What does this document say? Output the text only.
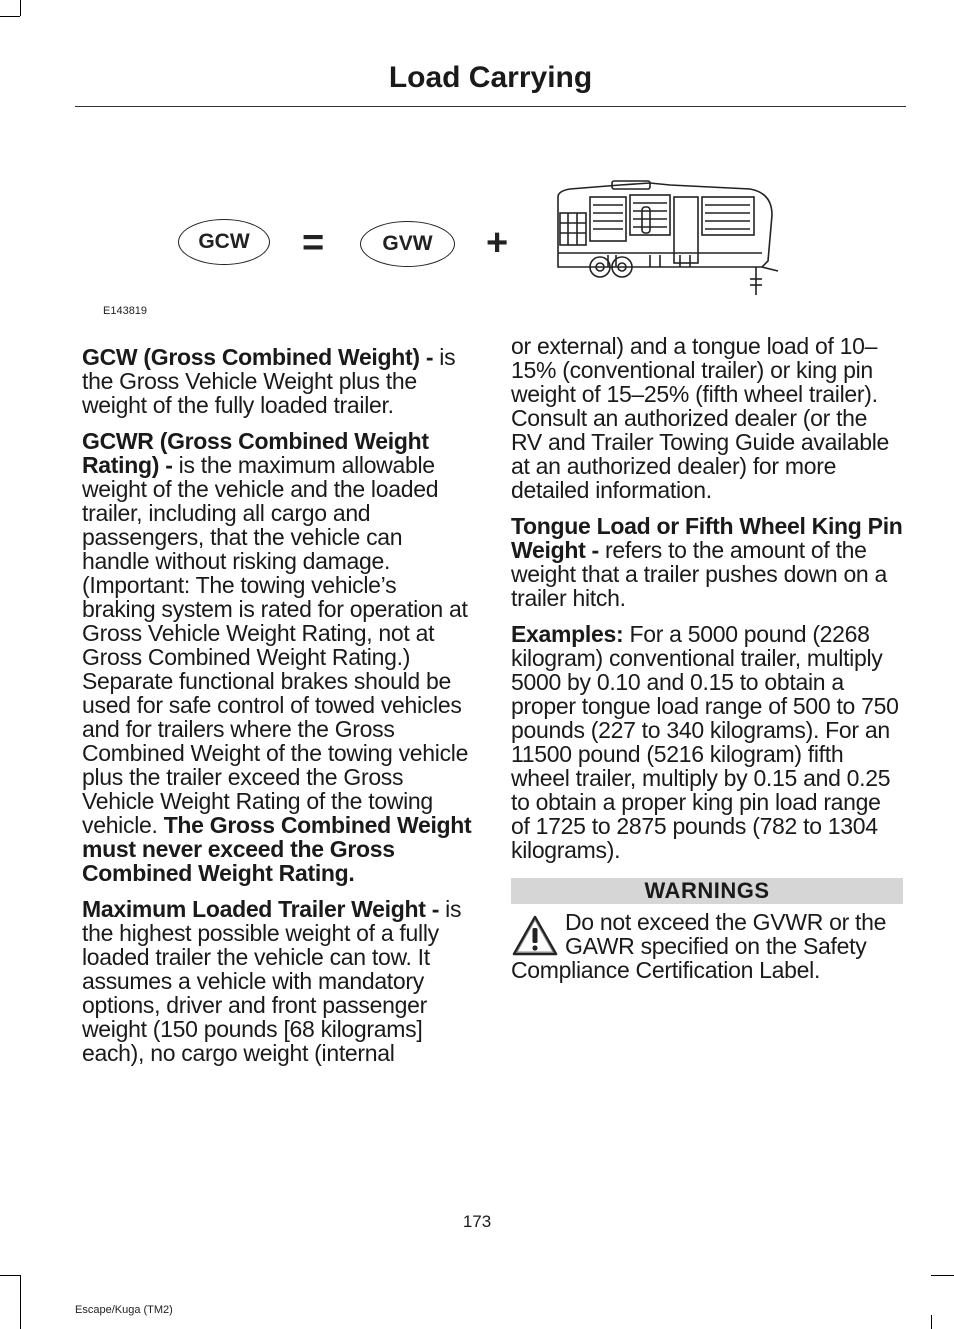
Load Carrying
GCW	=	GVW	+
E143819

GCW (Gross Combined Weight) - is the Gross Vehicle Weight plus the weight of the fully loaded trailer.

GCWR (Gross Combined Weight Rating) - is the maximum allowable weight of the vehicle and the loaded trailer, including all cargo and passengers, that the vehicle can handle without risking damage. (Important: The towing vehicle’s braking system is rated for operation at Gross Vehicle Weight Rating, not at Gross Combined Weight Rating.) Separate functional brakes should be used for safe control of towed vehicles and for trailers where the Gross Combined Weight of the towing vehicle plus the trailer exceed the Gross Vehicle Weight Rating of the towing vehicle. The Gross Combined Weight must never exceed the Gross Combined Weight Rating.

Maximum Loaded Trailer Weight - is the highest possible weight of a fully loaded trailer the vehicle can tow. It assumes a vehicle with mandatory options, driver and front passenger weight (150 pounds [68 kilograms] each), no cargo weight (internal

or external) and a tongue load of 10–15% (conventional trailer) or king pin weight of 15–25% (fifth wheel trailer). Consult an authorized dealer (or the RV and Trailer Towing Guide available at an authorized dealer) for more detailed information.

Tongue Load or Fifth Wheel King Pin Weight - refers to the amount of the weight that a trailer pushes down on a trailer hitch.

Examples: For a 5000 pound (2268 kilogram) conventional trailer, multiply 5000 by 0.10 and 0.15 to obtain a proper tongue load range of 500 to 750 pounds (227 to 340 kilograms). For an 11500 pound (5216 kilogram) fifth wheel trailer, multiply by 0.15 and 0.25 to obtain a proper king pin load range of 1725 to 2875 pounds (782 to 1304 kilograms).

WARNINGS
Do not exceed the GVWR or the GAWR specified on the Safety Compliance Certification Label.
173
Escape/Kuga (TM2)
